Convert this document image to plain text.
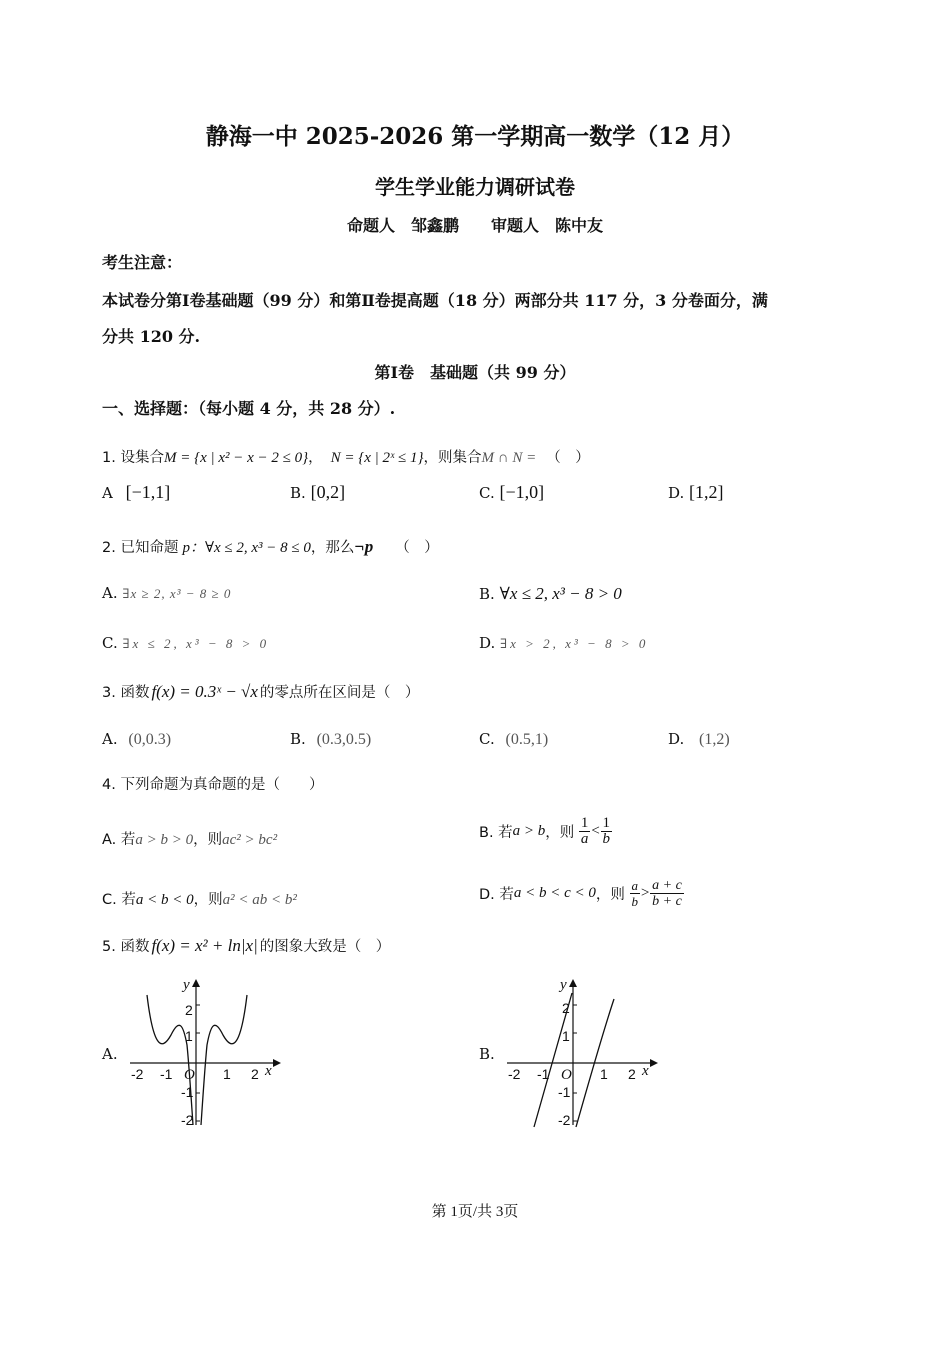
静海一中 2025-2026 第一学期高一数学（12 月）
学生学业能力调研试卷
命题人　邹鑫鹏　　审题人　陈中友
考生注意：
本试卷分第Ⅰ卷基础题（99 分）和第Ⅱ卷提高题（18 分）两部分共 117 分，3 分卷面分，满
分共 120 分.
第Ⅰ卷　基础题（共 99 分）
一、选择题：（每小题 4 分，共 28 分）.
1. 设集合M = {x | x² − x − 2 ≤ 0}， N = {x | 2ˣ ≤ 1}，则集合M ∩ N = （　）
A [−1,1]	B. [0,2]	C. [−1,0]	D. [1,2]
2. 已知命题 p：∀x ≤ 2, x³ − 8 ≤ 0，那么¬p （　）
A. ∃x ≥ 2, x³ − 8 ≥ 0	B. ∀x ≤ 2, x³ − 8 > 0
C. ∃x ≤ 2, x³ − 8 > 0	D. ∃x > 2, x³ − 8 > 0
3. 函数 f(x) = 0.3ˣ − √x 的零点所在区间是（　）
A. (0,0.3)	B. (0.3,0.5)	C. (0.5,1)	D. (1,2)
4. 下列命题为真命题的是（　　）
A. 若a > b > 0，则ac² > bc²	B. 若a > b，则 $\frac{1}{a} < \frac{1}{b}$
C. 若a < b < 0，则a² < ab < b²	D. 若a < b < c < 0，则 $\frac{a}{b} > \frac{a + c}{b + c}$
5. 函数 f(x) = x² + ln|x| 的图象大致是（　）
A.
y
x
-2 -1 O 1 2
2
1
-1
-2
B.
y
x
-2 -1 O 1 2
2
1
-1
-2
第 1页/共 3页
